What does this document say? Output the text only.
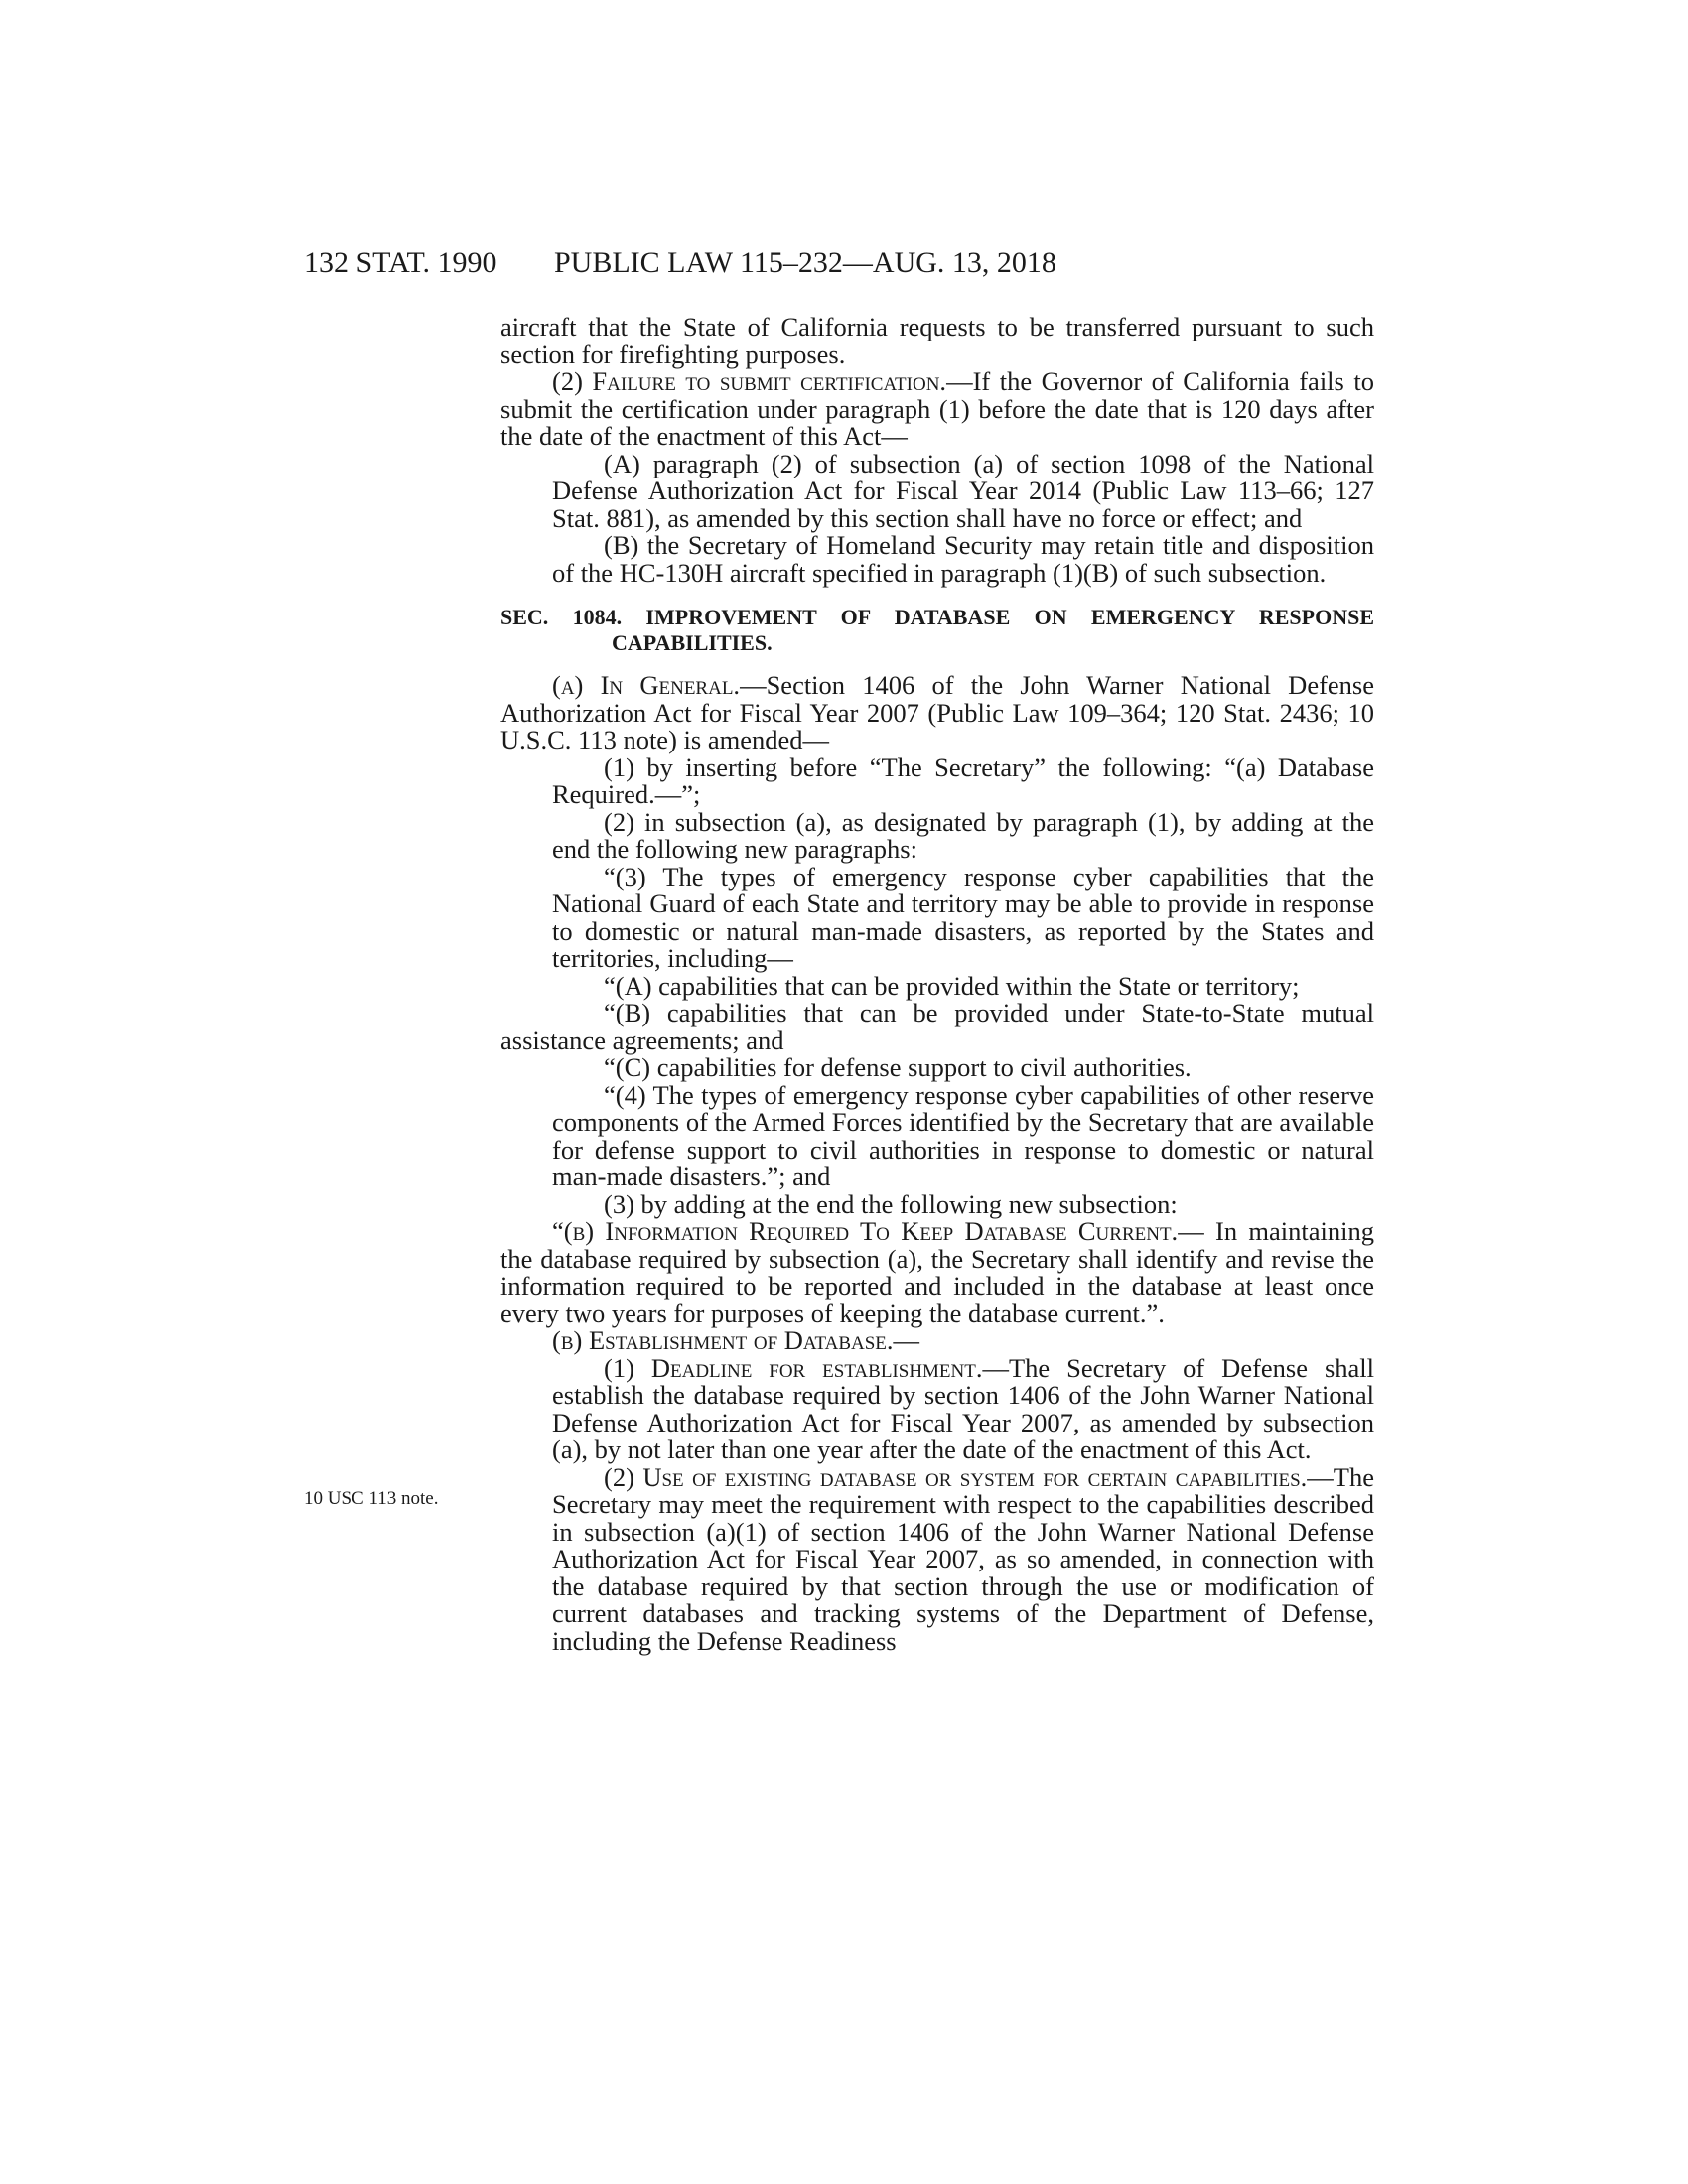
132 STAT. 1990 PUBLIC LAW 115–232—AUG. 13, 2018
10 USC 113 note.

aircraft that the State of California requests to be transferred pursuant to such section for firefighting purposes.

(2) Failure to submit certification.—If the Governor of California fails to submit the certification under paragraph (1) before the date that is 120 days after the date of the enactment of this Act—

(A) paragraph (2) of subsection (a) of section 1098 of the National Defense Authorization Act for Fiscal Year 2014 (Public Law 113–66; 127 Stat. 881), as amended by this section shall have no force or effect; and

(B) the Secretary of Homeland Security may retain title and disposition of the HC-130H aircraft specified in paragraph (1)(B) of such subsection.

SEC. 1084. IMPROVEMENT OF DATABASE ON EMERGENCY RESPONSE CAPABILITIES.

(a) In General.—Section 1406 of the John Warner National Defense Authorization Act for Fiscal Year 2007 (Public Law 109–364; 120 Stat. 2436; 10 U.S.C. 113 note) is amended—

(1) by inserting before “The Secretary” the following: “(a) Database Required.—”;

(2) in subsection (a), as designated by paragraph (1), by adding at the end the following new paragraphs:

“(3) The types of emergency response cyber capabilities that the National Guard of each State and territory may be able to provide in response to domestic or natural man-made disasters, as reported by the States and territories, including—

“(A) capabilities that can be provided within the State or territory;

“(B) capabilities that can be provided under State-to-State mutual assistance agreements; and

“(C) capabilities for defense support to civil authorities.

“(4) The types of emergency response cyber capabilities of other reserve components of the Armed Forces identified by the Secretary that are available for defense support to civil authorities in response to domestic or natural man-made disasters.”; and

(3) by adding at the end the following new subsection:

“(b) Information Required To Keep Database Current.— In maintaining the database required by subsection (a), the Secretary shall identify and revise the information required to be reported and included in the database at least once every two years for purposes of keeping the database current.”.

(b) Establishment of Database.—

(1) Deadline for establishment.—The Secretary of Defense shall establish the database required by section 1406 of the John Warner National Defense Authorization Act for Fiscal Year 2007, as amended by subsection (a), by not later than one year after the date of the enactment of this Act.

(2) Use of existing database or system for certain capabilities.—The Secretary may meet the requirement with respect to the capabilities described in subsection (a)(1) of section 1406 of the John Warner National Defense Authorization Act for Fiscal Year 2007, as so amended, in connection with the database required by that section through the use or modification of current databases and tracking systems of the Department of Defense, including the Defense Readiness
